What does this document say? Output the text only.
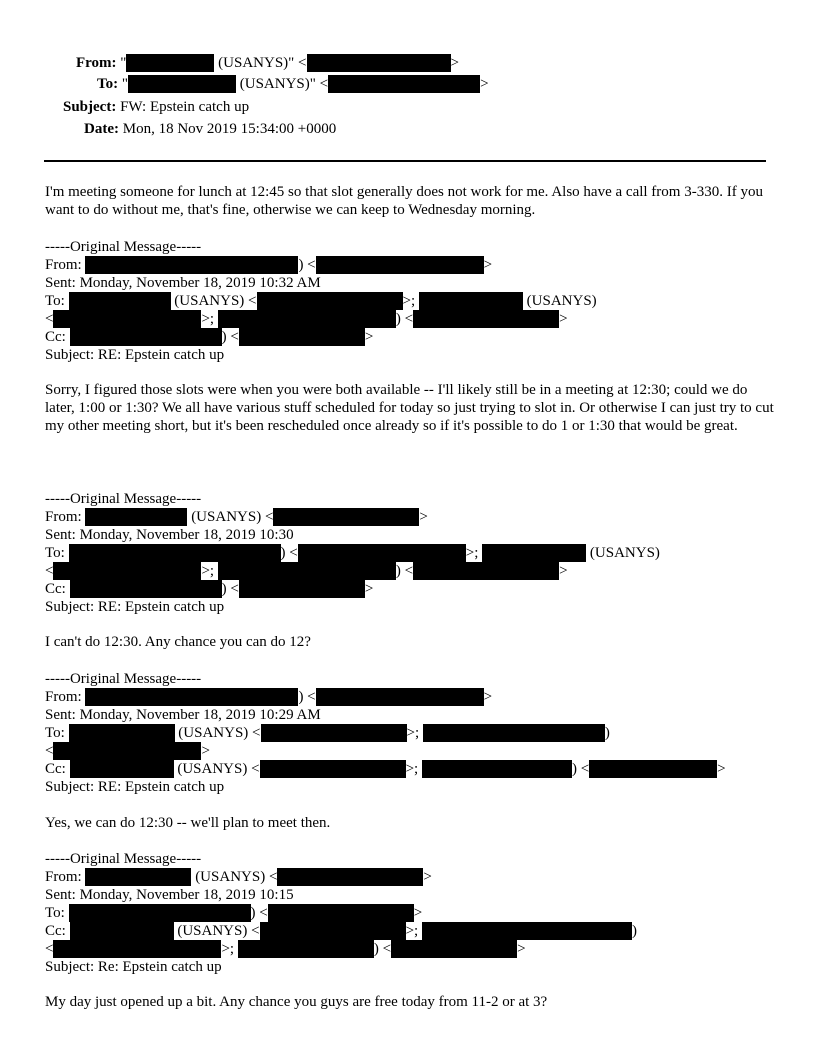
From: "	(USANYS)" <	>
To: "	(USANYS)" <	>
Subject: FW: Epstein catch up
Date: Mon, 18 Nov 2019 15:34:00 +0000
I'm meeting someone for lunch at 12:45 so that slot generally does not work for me. Also have a call from 3-330. If you want to do without me, that's fine, otherwise we can keep to Wednesday morning.
-----Original Message-----
From:	) <	>
Sent: Monday, November 18, 2019 10:32 AM
To:	(USANYS) <	>;	(USANYS)
<	>;	) <	>
Cc:	) <	>
Subject: RE: Epstein catch up
Sorry, I figured those slots were when you were both available -- I'll likely still be in a meeting at 12:30; could we do later, 1:00 or 1:30? We all have various stuff scheduled for today so just trying to slot in. Or otherwise I can just try to cut my other meeting short, but it's been rescheduled once already so if it's possible to do 1 or 1:30 that would be great.
-----Original Message-----
From:	(USANYS) <	>
Sent: Monday, November 18, 2019 10:30
To:	) <	>;	(USANYS)
<	>;	) <	>
Cc:	) <	>
Subject: RE: Epstein catch up
I can't do 12:30. Any chance you can do 12?
-----Original Message-----
From:	) <	>
Sent: Monday, November 18, 2019 10:29 AM
To:	(USANYS) <	>;	)
<	>
Cc:	(USANYS) <	>;	) <	>
Subject: RE: Epstein catch up
Yes, we can do 12:30 -- we'll plan to meet then.
-----Original Message-----
From:	(USANYS) <	>
Sent: Monday, November 18, 2019 10:15
To:	) <	>
Cc:	(USANYS) <	>;	)
<	>;	) <	>
Subject: Re: Epstein catch up
My day just opened up a bit. Any chance you guys are free today from 11-2 or at 3?
